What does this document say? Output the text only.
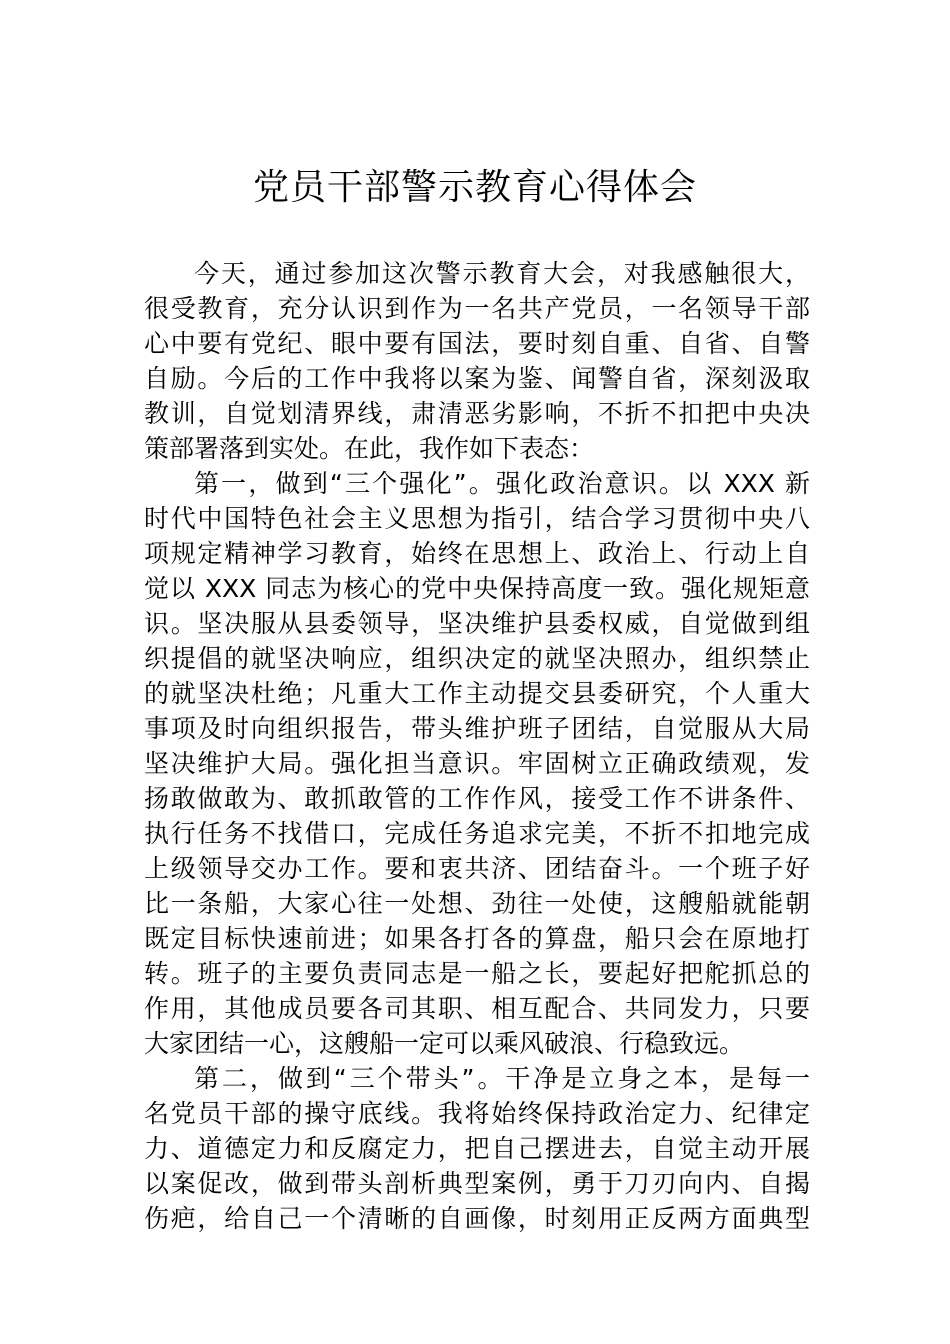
党员干部警示教育心得体会
今天，通过参加这次警示教育大会，对我感触很大，
很受教育，充分认识到作为一名共产党员，一名领导干部
心中要有党纪、眼中要有国法，要时刻自重、自省、自警
自励。今后的工作中我将以案为鉴、闻警自省，深刻汲取
教训，自觉划清界线，肃清恶劣影响，不折不扣把中央决
策部署落到实处。在此，我作如下表态：
第一，做到“三个强化”。强化政治意识。以 XXX 新
时代中国特色社会主义思想为指引，结合学习贯彻中央八
项规定精神学习教育，始终在思想上、政治上、行动上自
觉以 XXX 同志为核心的党中央保持高度一致。强化规矩意
识。坚决服从县委领导，坚决维护县委权威，自觉做到组
织提倡的就坚决响应，组织决定的就坚决照办，组织禁止
的就坚决杜绝；凡重大工作主动提交县委研究，个人重大
事项及时向组织报告，带头维护班子团结，自觉服从大局
坚决维护大局。强化担当意识。牢固树立正确政绩观，发
扬敢做敢为、敢抓敢管的工作作风，接受工作不讲条件、
执行任务不找借口，完成任务追求完美，不折不扣地完成
上级领导交办工作。要和衷共济、团结奋斗。一个班子好
比一条船，大家心往一处想、劲往一处使，这艘船就能朝
既定目标快速前进；如果各打各的算盘，船只会在原地打
转。班子的主要负责同志是一船之长，要起好把舵抓总的
作用，其他成员要各司其职、相互配合、共同发力，只要
大家团结一心，这艘船一定可以乘风破浪、行稳致远。
第二，做到“三个带头”。干净是立身之本，是每一
名党员干部的操守底线。我将始终保持政治定力、纪律定
力、道德定力和反腐定力，把自己摆进去，自觉主动开展
以案促改，做到带头剖析典型案例，勇于刀刃向内、自揭
伤疤，给自己一个清晰的自画像，时刻用正反两方面典型
